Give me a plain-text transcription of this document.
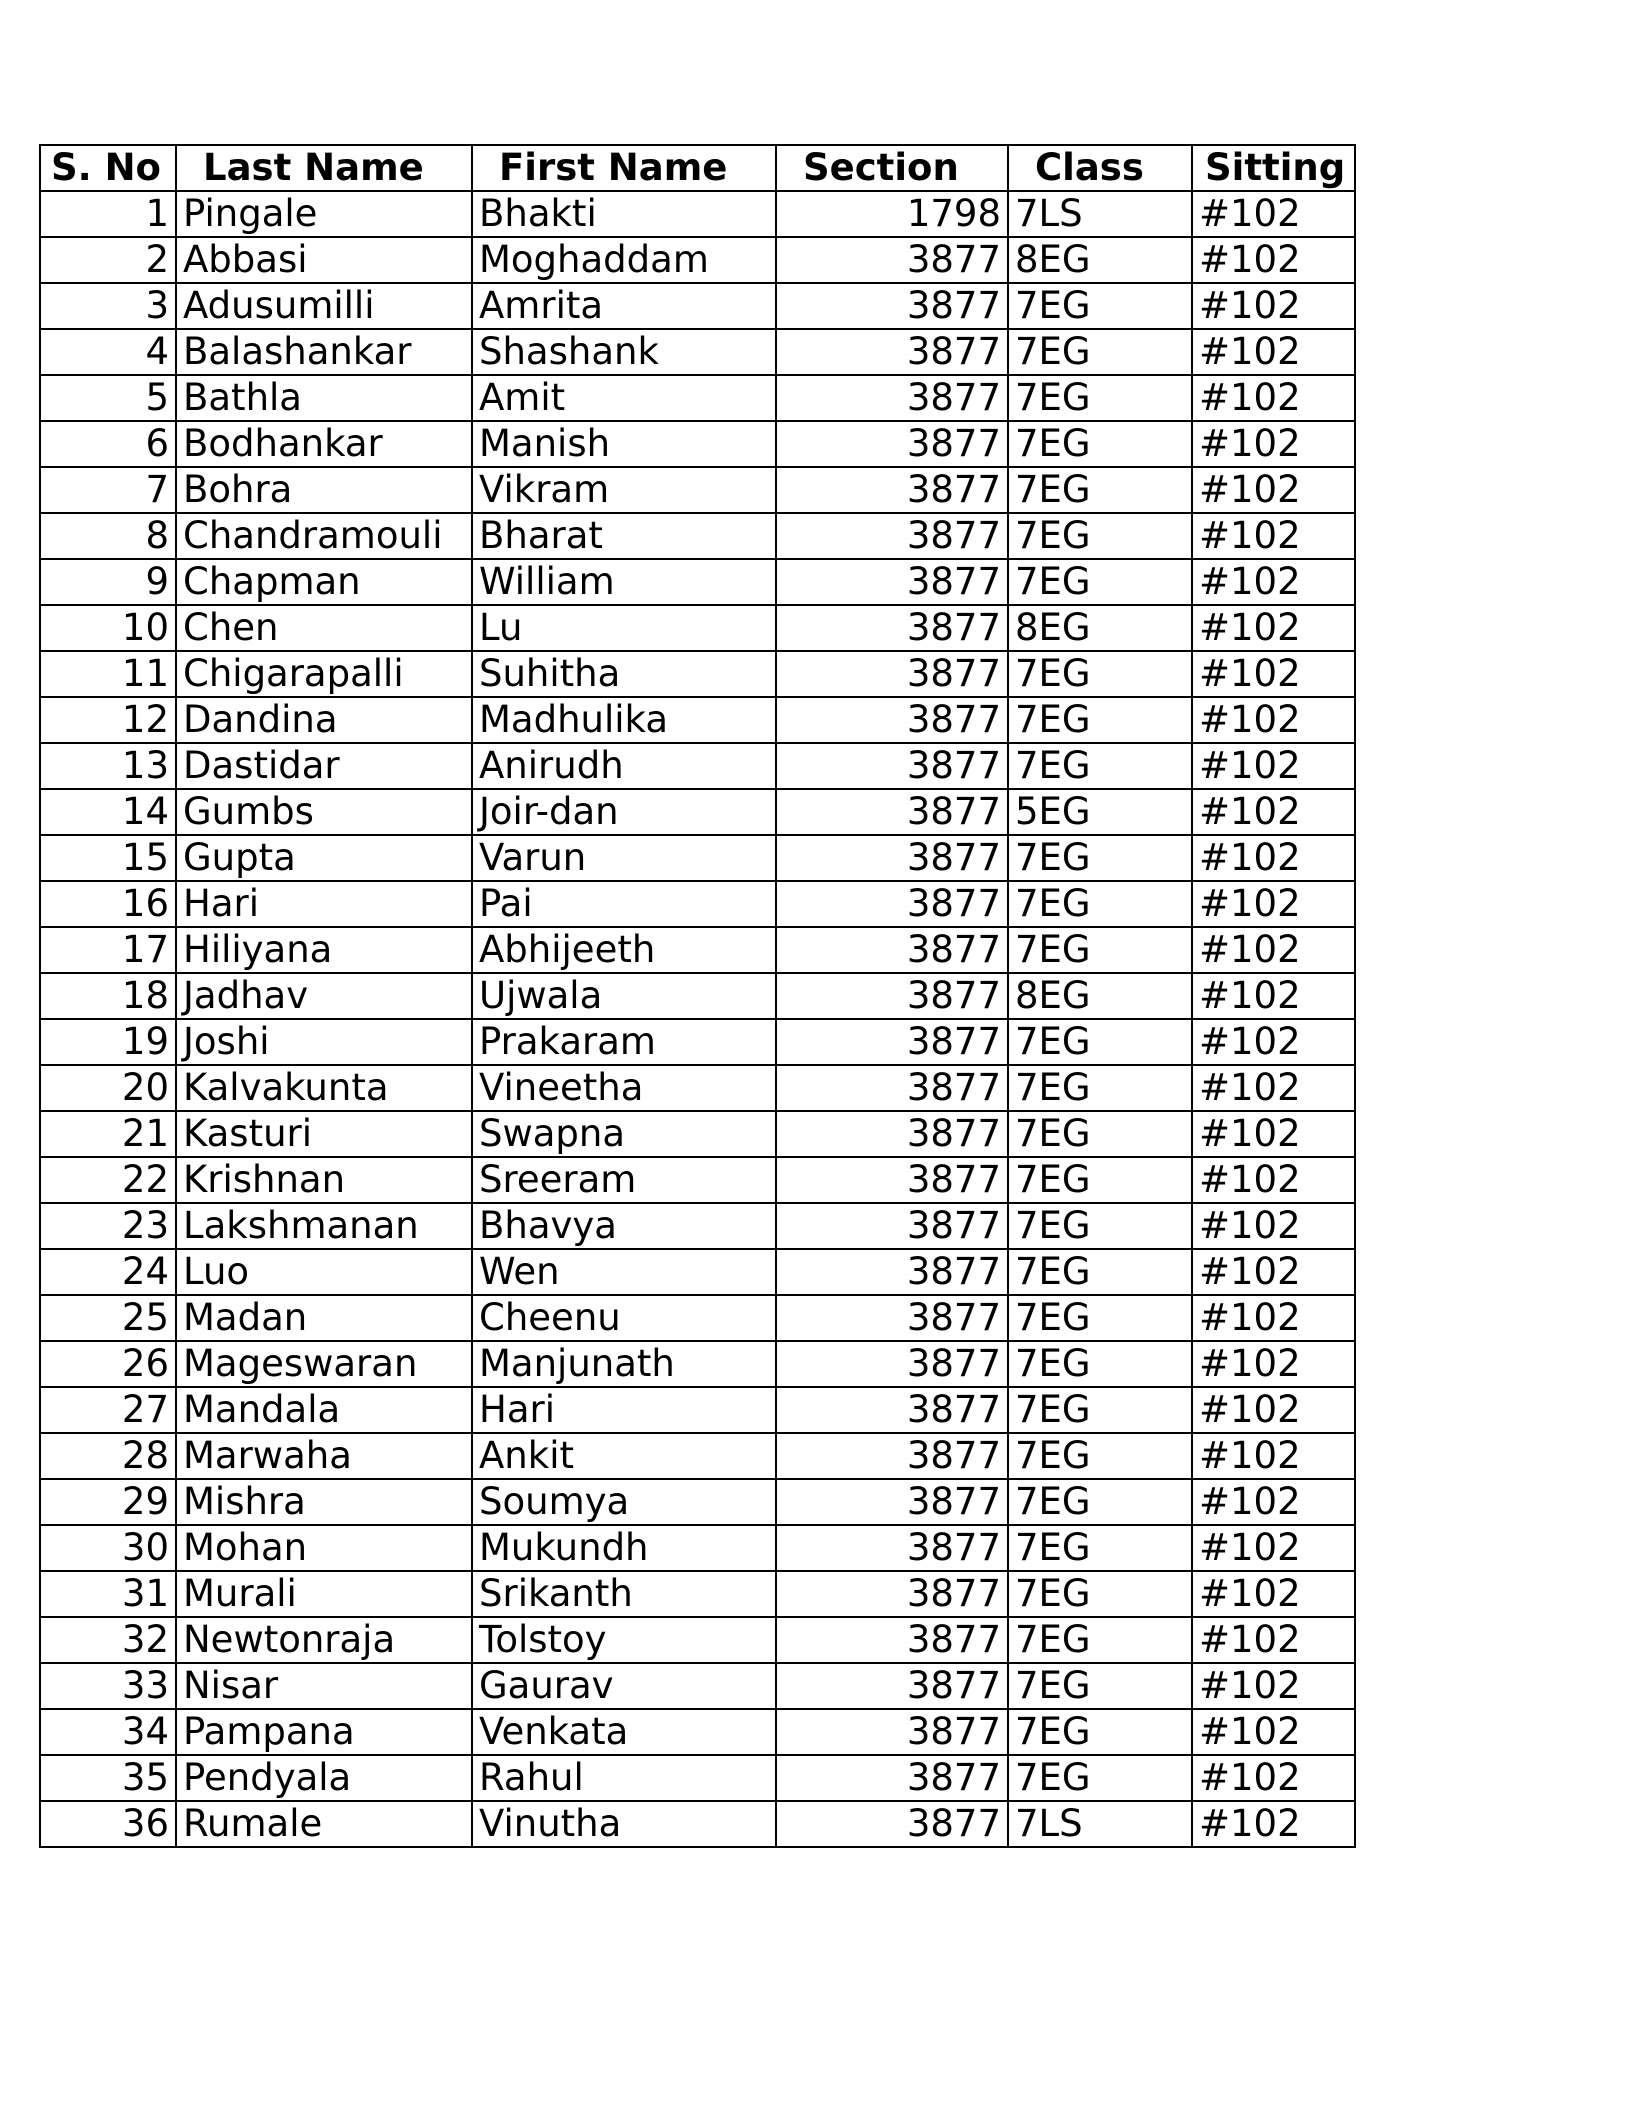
S. No	Last Name	First Name	Section	Class	Sitting
1	Pingale	Bhakti	1798	7LS	#102
2	Abbasi	Moghaddam	3877	8EG	#102
3	Adusumilli	Amrita	3877	7EG	#102
4	Balashankar	Shashank	3877	7EG	#102
5	Bathla	Amit	3877	7EG	#102
6	Bodhankar	Manish	3877	7EG	#102
7	Bohra	Vikram	3877	7EG	#102
8	Chandramouli	Bharat	3877	7EG	#102
9	Chapman	William	3877	7EG	#102
10	Chen	Lu	3877	8EG	#102
11	Chigarapalli	Suhitha	3877	7EG	#102
12	Dandina	Madhulika	3877	7EG	#102
13	Dastidar	Anirudh	3877	7EG	#102
14	Gumbs	Joir-dan	3877	5EG	#102
15	Gupta	Varun	3877	7EG	#102
16	Hari	Pai	3877	7EG	#102
17	Hiliyana	Abhijeeth	3877	7EG	#102
18	Jadhav	Ujwala	3877	8EG	#102
19	Joshi	Prakaram	3877	7EG	#102
20	Kalvakunta	Vineetha	3877	7EG	#102
21	Kasturi	Swapna	3877	7EG	#102
22	Krishnan	Sreeram	3877	7EG	#102
23	Lakshmanan	Bhavya	3877	7EG	#102
24	Luo	Wen	3877	7EG	#102
25	Madan	Cheenu	3877	7EG	#102
26	Mageswaran	Manjunath	3877	7EG	#102
27	Mandala	Hari	3877	7EG	#102
28	Marwaha	Ankit	3877	7EG	#102
29	Mishra	Soumya	3877	7EG	#102
30	Mohan	Mukundh	3877	7EG	#102
31	Murali	Srikanth	3877	7EG	#102
32	Newtonraja	Tolstoy	3877	7EG	#102
33	Nisar	Gaurav	3877	7EG	#102
34	Pampana	Venkata	3877	7EG	#102
35	Pendyala	Rahul	3877	7EG	#102
36	Rumale	Vinutha	3877	7LS	#102
